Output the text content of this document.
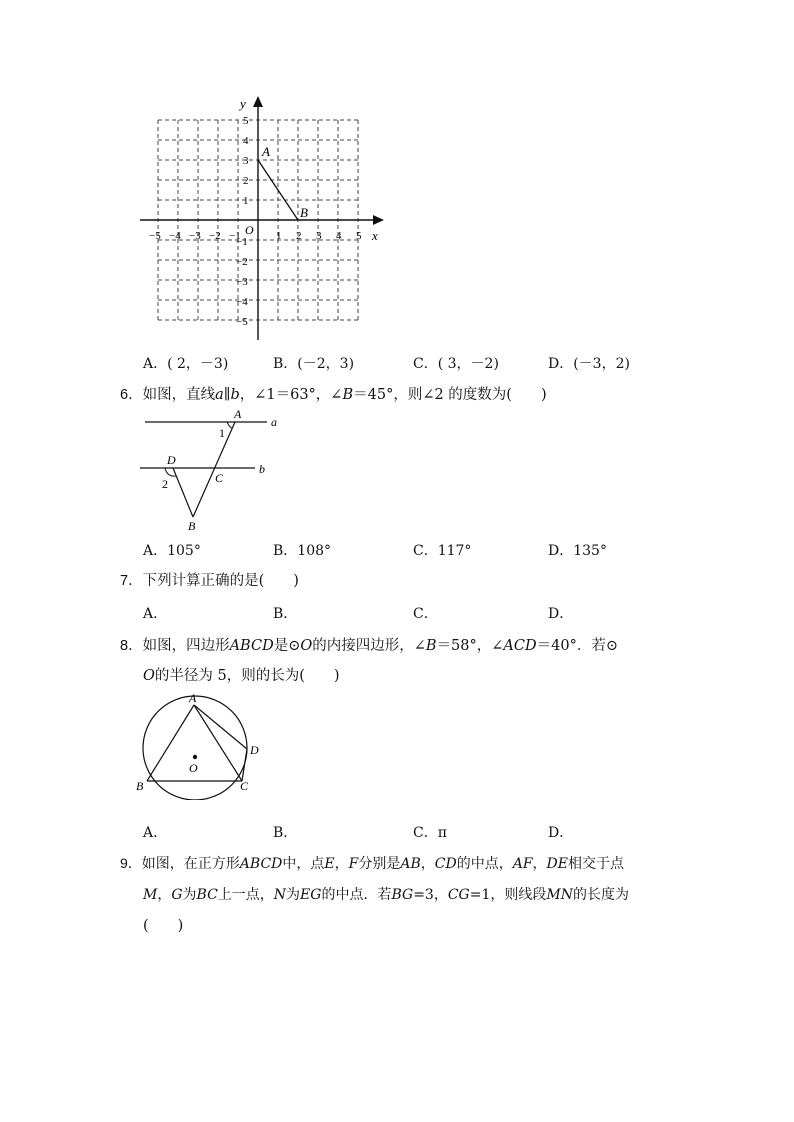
y
x
O
−5 −4 −3 −2 −1	1 2 3 4 5
1
2
3
4
5
−1
−2
−3
−4
−5
A
B
A．( 2，－3)	B．(－2，3)	C．( 3，－2)	D．(－3，2)
6．如图，直线a∥b，∠1＝63°，∠B＝45°，则∠2 的度数为(　　)
a
b
A
1
D
C
2
B
A．105°	B．108°	C．117°	D．135°
7．下列计算正确的是(　　)
A．	B．	C．	D．
8．如图，四边形ABCD是⊙O的内接四边形，∠B＝58°，∠ACD＝40°．若⊙
O的半径为 5，则的长为(　　)
O
A
B	C
D
A．	B．	C．π	D．
9．如图，在正方形ABCD中，点E，F分别是AB，CD的中点，AF，DE相交于点
M，G为BC上一点，N为EG的中点．若BG=3，CG=1，则线段MN的长度为
(　　)
